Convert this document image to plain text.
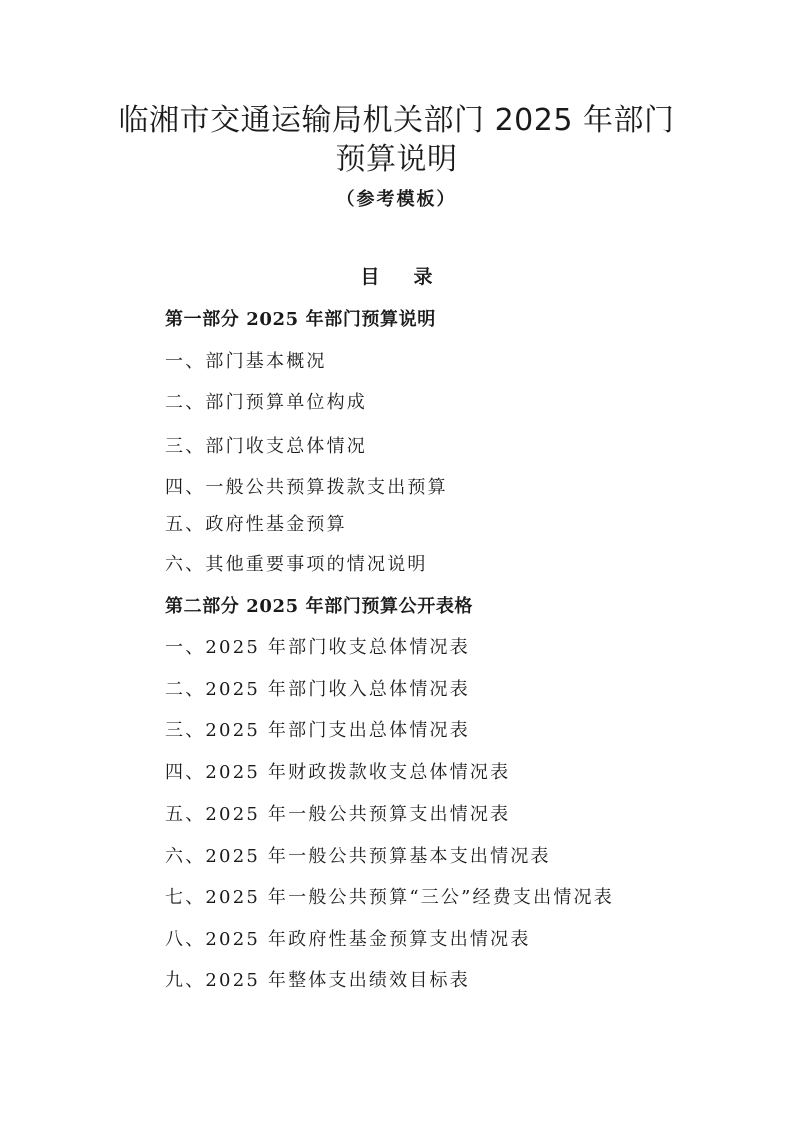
临湘市交通运输局机关部门 2025 年部门
预算说明
（参考模板）
目录
第一部分 2025 年部门预算说明
一、部门基本概况
二、部门预算单位构成
三、部门收支总体情况
四、一般公共预算拨款支出预算
五、政府性基金预算
六、其他重要事项的情况说明
第二部分 2025 年部门预算公开表格
一、2025 年部门收支总体情况表
二、2025 年部门收入总体情况表
三、2025 年部门支出总体情况表
四、2025 年财政拨款收支总体情况表
五、2025 年一般公共预算支出情况表
六、2025 年一般公共预算基本支出情况表
七、2025 年一般公共预算“三公”经费支出情况表
八、2025 年政府性基金预算支出情况表
九、2025 年整体支出绩效目标表
